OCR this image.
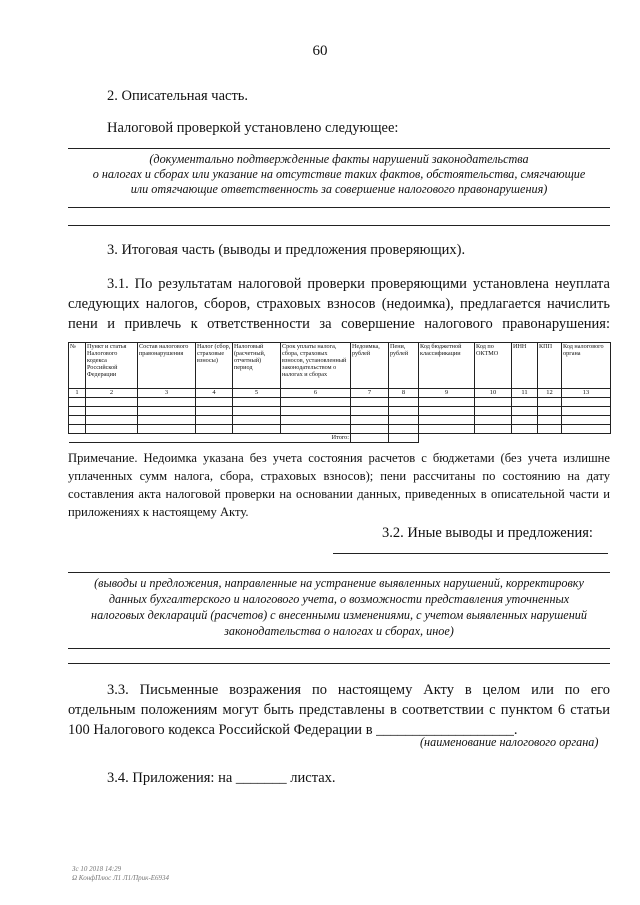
60
2. Описательная часть.
Налоговой проверкой установлено следующее:
(документально подтвержденные факты нарушений законодательства
о налогах и сборах или указание на отсутствие таких фактов, обстоятельства, смягчающие
или отягчающие ответственность за совершение налогового правонарушения)
3. Итоговая часть (выводы и предложения проверяющих).
3.1. По результатам налоговой проверки проверяющими установлена неуплата
следующих налогов, сборов, страховых взносов (недоимка), предлагается начислить
пени и привлечь к ответственности за совершение налогового правонарушения:
№	Пункт и статья Налогового кодекса Российской Федерации	Состав налогового правонарушения	Налог (сбор, страховые взносы)	Налоговый (расчетный, отчетный) период	Срок уплаты налога, сбора, страховых взносов, установленный законодательством о налогах и сборах	Недоимка, рублей	Пени, рублей	Код бюджетной классификации	Код по ОКТМО	ИНН	КПП	Код налогового органа
1	2	3	4	5	6	7	8	9	10	11	12	13

Итого:												
Примечание. Недоимка указана без учета состояния расчетов с бюджетами (без учета излишне
уплаченных сумм налога, сбора, страховых взносов); пени рассчитаны по состоянию на дату
составления акта налоговой проверки на основании данных, приведенных в описательной части и
приложениях к настоящему Акту.
3.2. Иные выводы и предложения:
(выводы и предложения, направленные на устранение выявленных нарушений, корректировку
данных бухгалтерского и налогового учета, о возможности представления уточненных
налоговых деклараций (расчетов) с внесенными изменениями, с учетом выявленных нарушений
законодательства о налогах и сборах, иное)
3.3. Письменные возражения по настоящему Акту в целом или по его
отдельным положениям могут быть представлены в соответствии с пунктом 6 статьи
100 Налогового кодекса Российской Федерации в ___________________.
(наименование налогового органа)
3.4. Приложения: на _______ листах.
Зс 10 2018 14:29
Ω КонфПлюс Л1 Л1/Прик-Е6934
